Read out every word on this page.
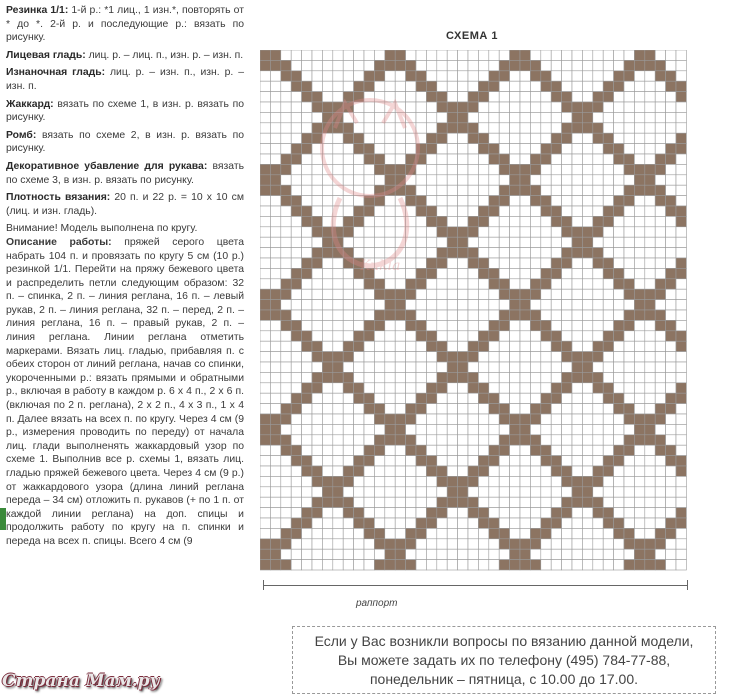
Резинка 1/1: 1-й р.: *1 лиц., 1 изн.*, повторять от * до *. 2-й р. и последующие р.: вязать по рисунку.

Лицевая гладь: лиц. р. – лиц. п., изн. р. – изн. п.

Изнаночная гладь: лиц. р. – изн. п., изн. р. – изн. п.

Жаккард: вязать по схеме 1, в изн. р. вязать по рисунку.

Ромб: вязать по схеме 2, в изн. р. вязать по рисунку.

Декоративное убавление для рукава: вязать по схеме 3, в изн. р. вязать по рисунку.

Плотность вязания: 20 п. и 22 р. = 10 x 10 см (лиц. и изн. гладь).

Внимание! Модель выполнена по кругу.

Описание работы: пряжей серого цвета набрать 104 п. и провязать по кругу 5 см (10 р.) резинкой 1/1. Перейти на пряжу бежевого цвета и распределить петли следующим образом: 32 п. – спинка, 2 п. – линия реглана, 16 п. – левый рукав, 2 п. – линия реглана, 32 п. – перед, 2 п. – линия реглана, 16 п. – правый рукав, 2 п. – линия реглана. Линии реглана отметить маркерами. Вязать лиц. гладью, прибавляя п. с обеих сторон от линий реглана, начав со спинки, укороченными р.: вязать прямыми и обратными р., включая в работу в каждом р. 6 x 4 п., 2 x 6 п. (включая по 2 п. реглана), 2 x 2 п., 4 x 3 п., 1 x 4 п. Далее вязать на всех п. по кругу. Через 4 см (9 р., измерения проводить по переду) от начала лиц. глади выполненять жаккардовый узор по схеме 1. Выполнив все р. схемы 1, вязать лиц. гладью пряжей бежевого цвета. Через 4 см (9 р.) от жаккардового узора (длина линий реглана переда – 34 см) отложить п. рукавов (+ по 1 п. от каждой линии реглана) на доп. спицы и продолжить работу по кругу на п. спинки и переда на всех п. спицы. Всего 4 см (9

СХЕМА 1
Kukla
раппорт
Если у Вас возникли вопросы по вязанию данной модели,
Вы можете задать их по телефону (495) 784-77-88,
понедельник – пятница, с 10.00 до 17.00.
Страна Мам.ру
